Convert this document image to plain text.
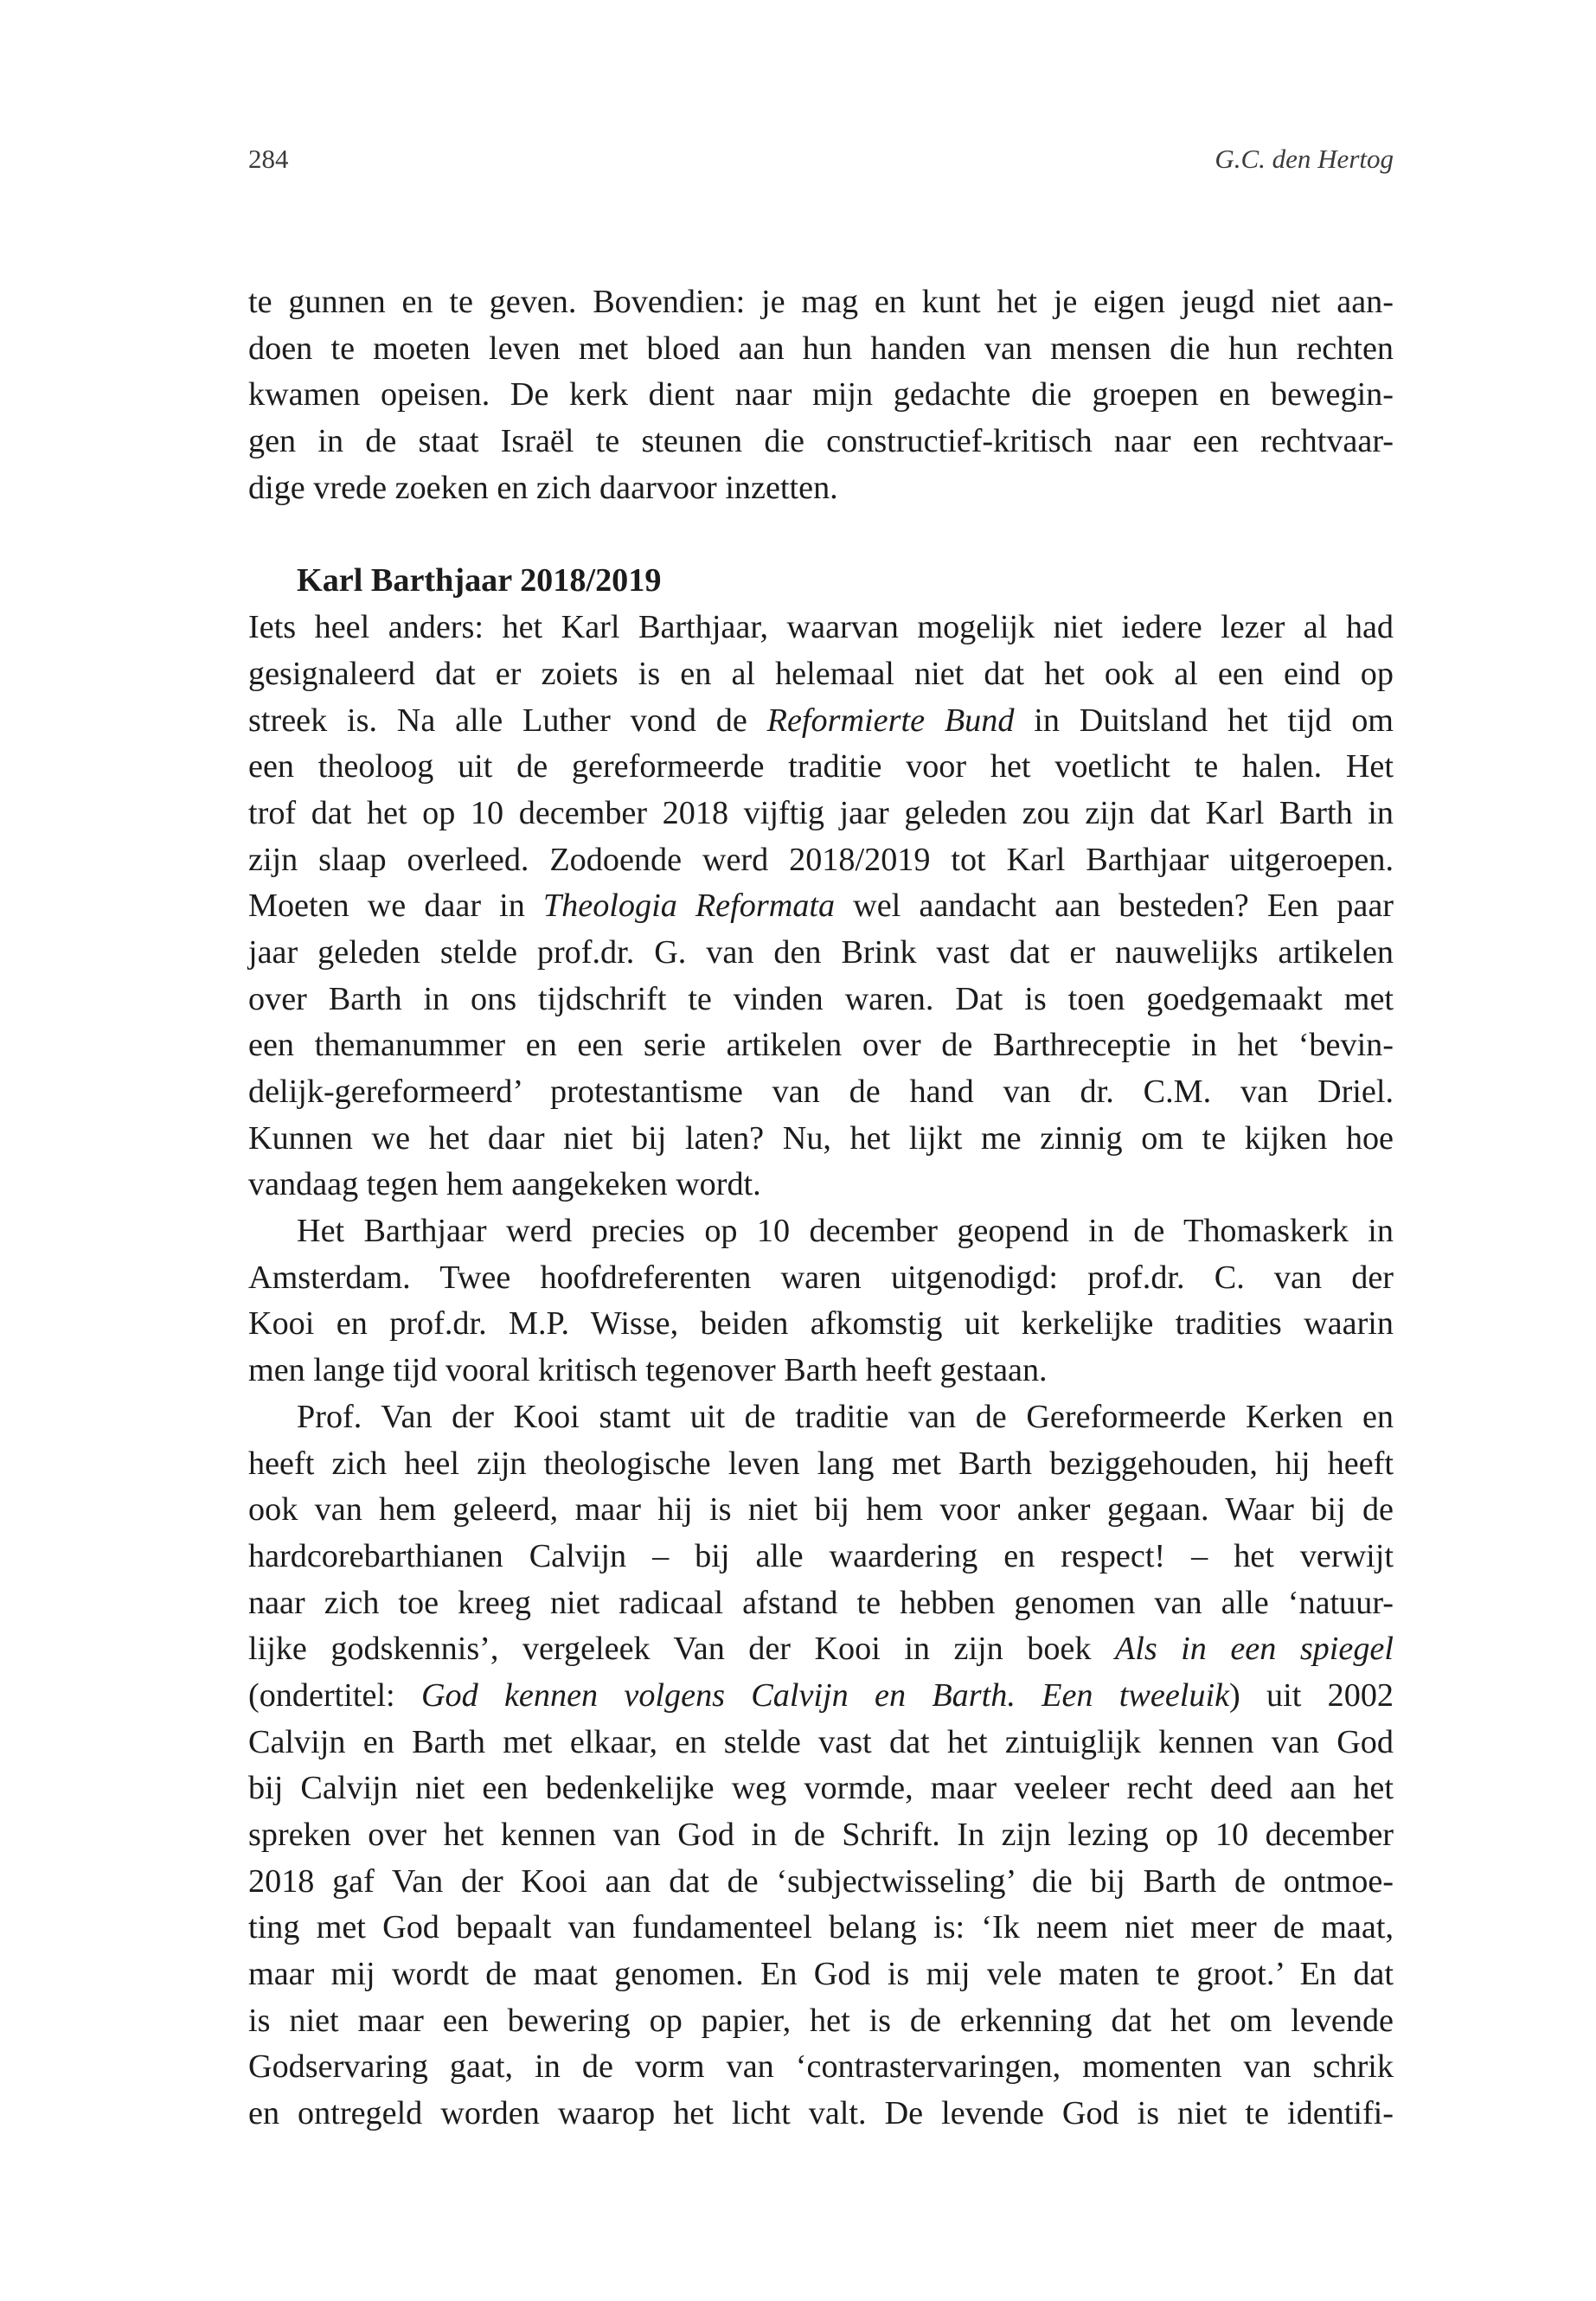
284	G.C. den Hertog
te gunnen en te geven. Bovendien: je mag en kunt het je eigen jeugd niet aan-
doen te moeten leven met bloed aan hun handen van mensen die hun rechten
kwamen opeisen. De kerk dient naar mijn gedachte die groepen en bewegin-
gen in de staat Israël te steunen die constructief-kritisch naar een rechtvaar-
dige vrede zoeken en zich daarvoor inzetten.
Karl Barthjaar 2018/2019
Iets heel anders: het Karl Barthjaar, waarvan mogelijk niet iedere lezer al had
gesignaleerd dat er zoiets is en al helemaal niet dat het ook al een eind op
streek is. Na alle Luther vond de Reformierte Bund in Duitsland het tijd om
een theoloog uit de gereformeerde traditie voor het voetlicht te halen. Het
trof dat het op 10 december 2018 vijftig jaar geleden zou zijn dat Karl Barth in
zijn slaap overleed. Zodoende werd 2018/2019 tot Karl Barthjaar uitgeroepen.
Moeten we daar in Theologia Reformata wel aandacht aan besteden? Een paar
jaar geleden stelde prof.dr. G. van den Brink vast dat er nauwelijks artikelen
over Barth in ons tijdschrift te vinden waren. Dat is toen goedgemaakt met
een themanummer en een serie artikelen over de Barthreceptie in het ‘bevin-
delijk-gereformeerd’ protestantisme van de hand van dr. C.M. van Driel.
Kunnen we het daar niet bij laten? Nu, het lijkt me zinnig om te kijken hoe
vandaag tegen hem aangekeken wordt.
Het Barthjaar werd precies op 10 december geopend in de Thomaskerk in
Amsterdam. Twee hoofdreferenten waren uitgenodigd: prof.dr. C. van der
Kooi en prof.dr. M.P. Wisse, beiden afkomstig uit kerkelijke tradities waarin
men lange tijd vooral kritisch tegenover Barth heeft gestaan.
Prof. Van der Kooi stamt uit de traditie van de Gereformeerde Kerken en
heeft zich heel zijn theologische leven lang met Barth beziggehouden, hij heeft
ook van hem geleerd, maar hij is niet bij hem voor anker gegaan. Waar bij de
hardcorebarthianen Calvijn – bij alle waardering en respect! – het verwijt
naar zich toe kreeg niet radicaal afstand te hebben genomen van alle ‘natuur-
lijke godskennis’, vergeleek Van der Kooi in zijn boek Als in een spiegel
(ondertitel: God kennen volgens Calvijn en Barth. Een tweeluik) uit 2002
Calvijn en Barth met elkaar, en stelde vast dat het zintuiglijk kennen van God
bij Calvijn niet een bedenkelijke weg vormde, maar veeleer recht deed aan het
spreken over het kennen van God in de Schrift. In zijn lezing op 10 december
2018 gaf Van der Kooi aan dat de ‘subjectwisseling’ die bij Barth de ontmoe-
ting met God bepaalt van fundamenteel belang is: ‘Ik neem niet meer de maat,
maar mij wordt de maat genomen. En God is mij vele maten te groot.’ En dat
is niet maar een bewering op papier, het is de erkenning dat het om levende
Godservaring gaat, in de vorm van ‘contrastervaringen, momenten van schrik
en ontregeld worden waarop het licht valt. De levende God is niet te identifi-
